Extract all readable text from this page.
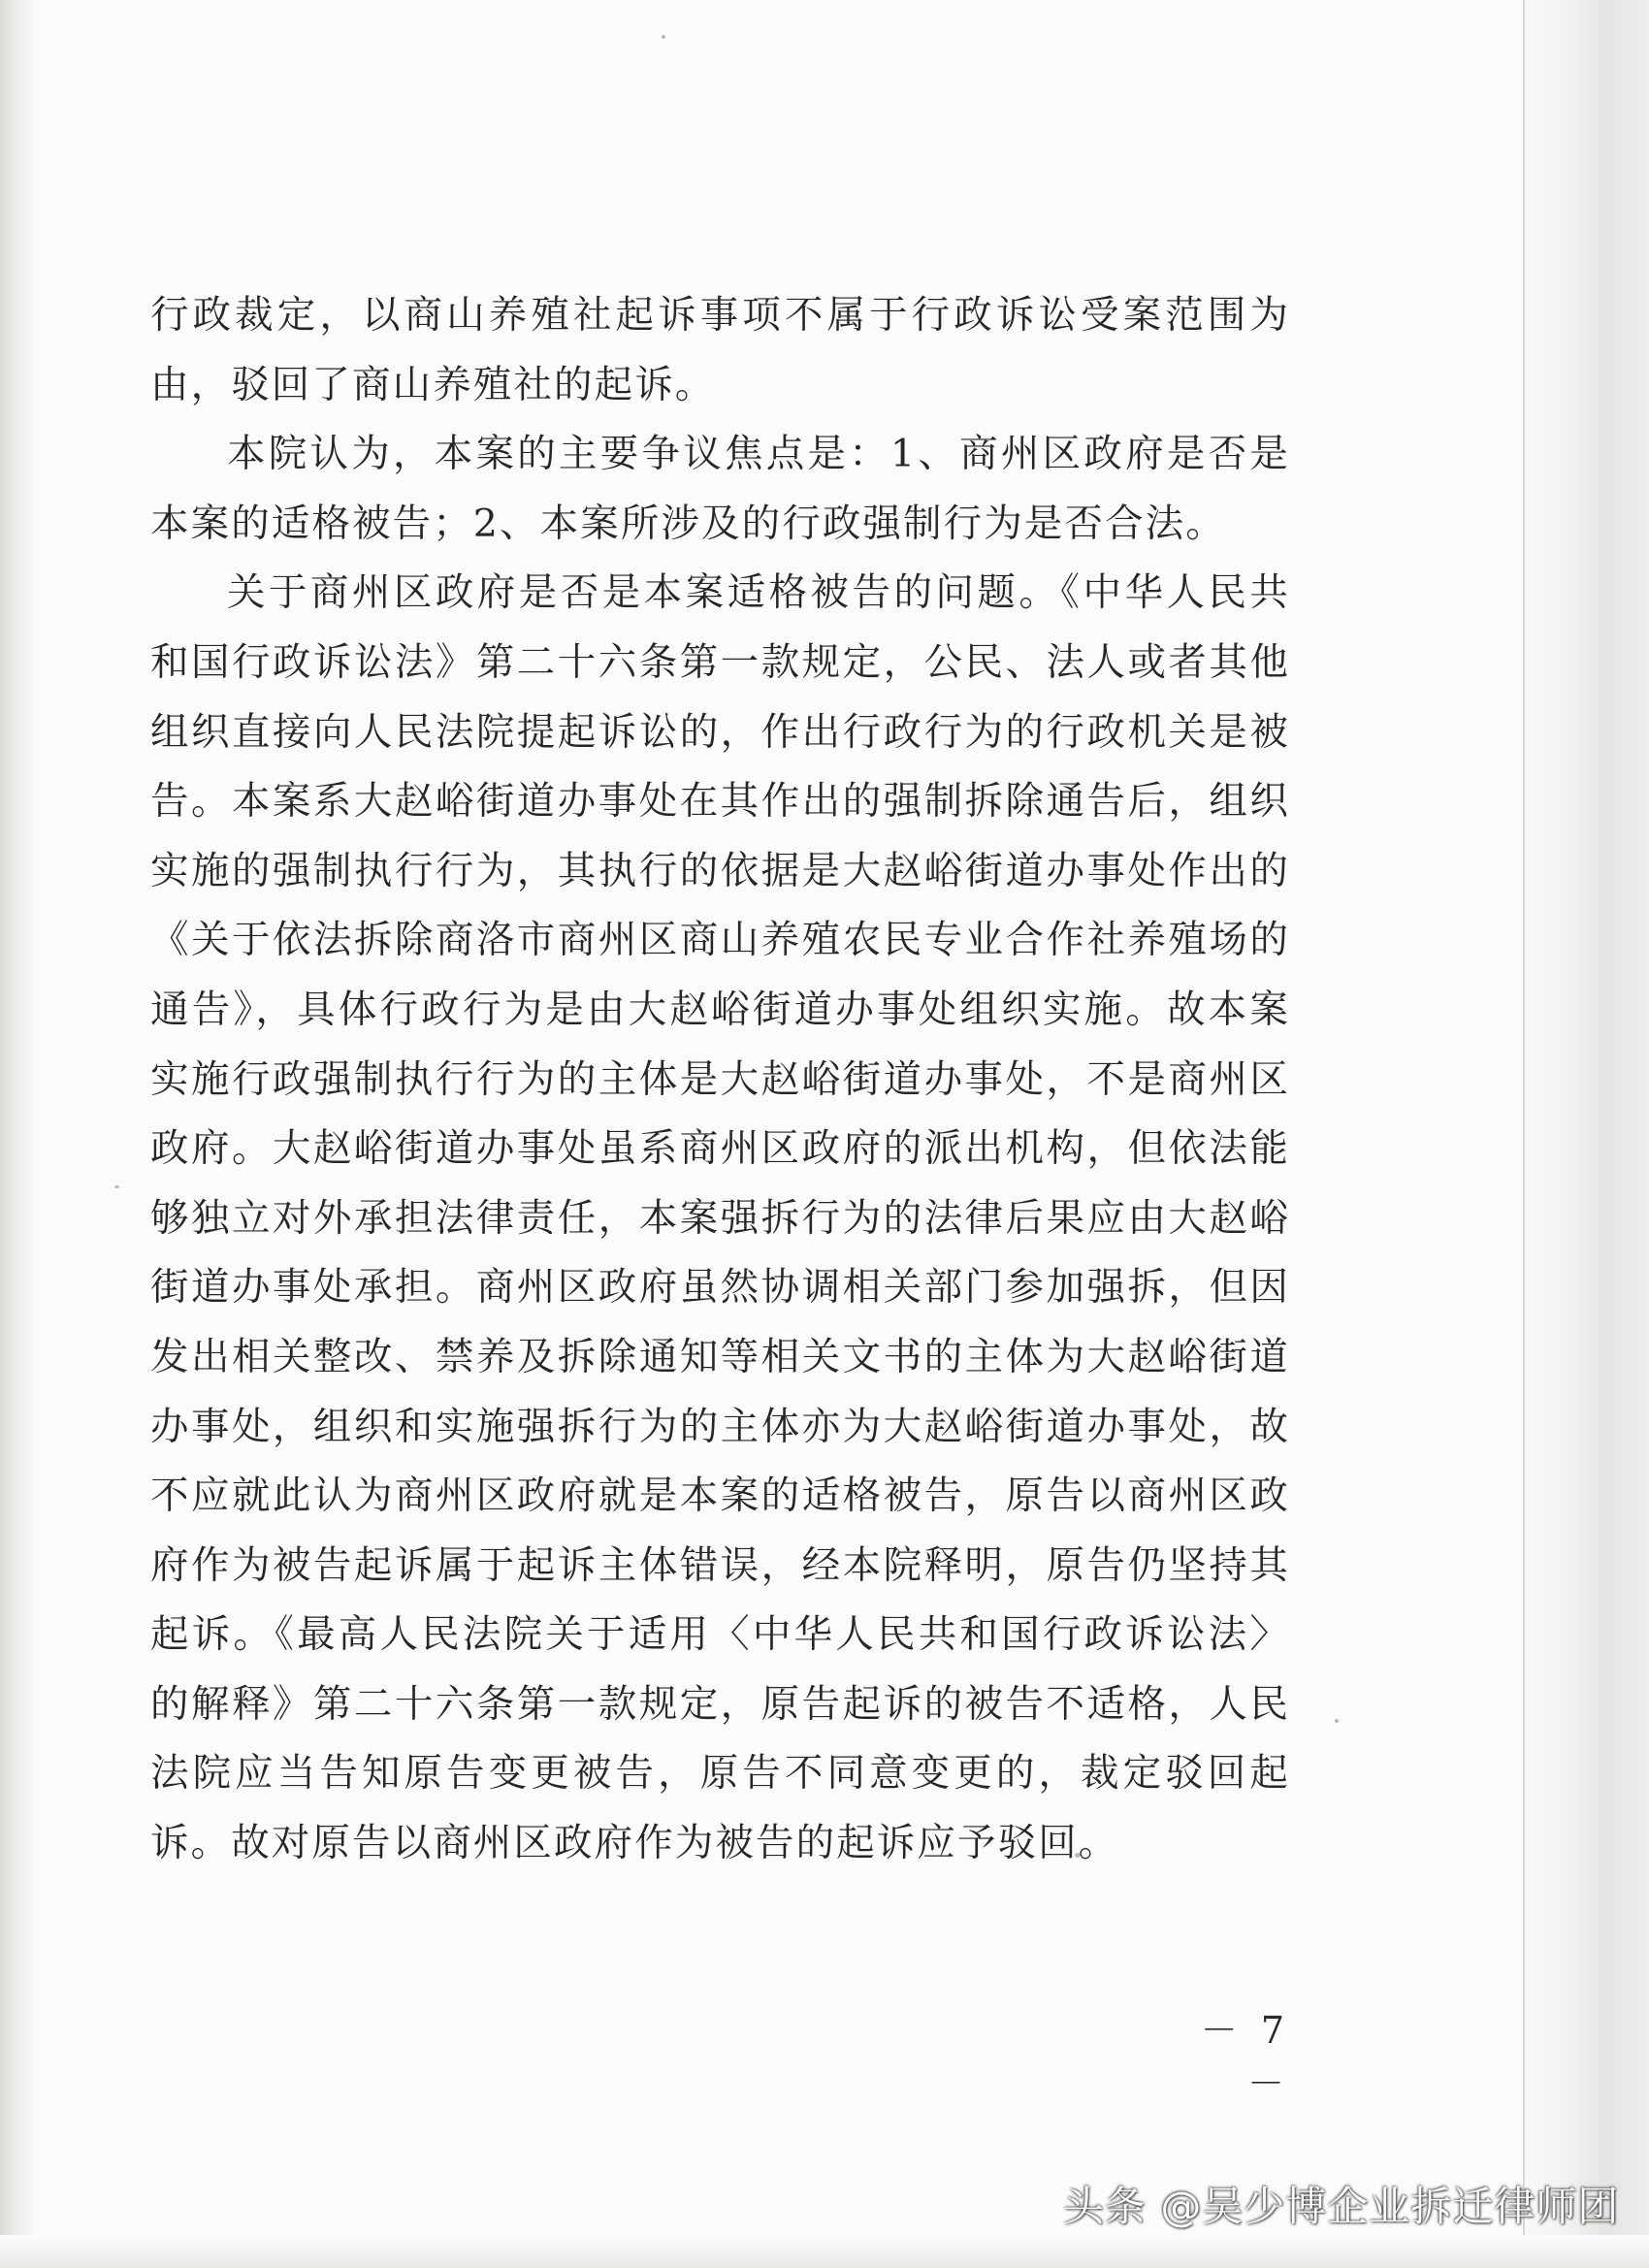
行政裁定，以商山养殖社起诉事项不属于行政诉讼受案范围为由，驳回了商山养殖社的起诉。

本院认为，本案的主要争议焦点是：1、商州区政府是否是本案的适格被告；2、本案所涉及的行政强制行为是否合法。

关于商州区政府是否是本案适格被告的问题。《中华人民共和国行政诉讼法》第二十六条第一款规定，公民、法人或者其他组织直接向人民法院提起诉讼的，作出行政行为的行政机关是被告。本案系大赵峪街道办事处在其作出的强制拆除通告后，组织实施的强制执行行为，其执行的依据是大赵峪街道办事处作出的《关于依法拆除商洛市商州区商山养殖农民专业合作社养殖场的通告》，具体行政行为是由大赵峪街道办事处组织实施。故本案实施行政强制执行行为的主体是大赵峪街道办事处，不是商州区政府。大赵峪街道办事处虽系商州区政府的派出机构，但依法能够独立对外承担法律责任，本案强拆行为的法律后果应由大赵峪街道办事处承担。商州区政府虽然协调相关部门参加强拆，但因发出相关整改、禁养及拆除通知等相关文书的主体为大赵峪街道办事处，组织和实施强拆行为的主体亦为大赵峪街道办事处，故不应就此认为商州区政府就是本案的适格被告，原告以商州区政府作为被告起诉属于起诉主体错误，经本院释明，原告仍坚持其起诉。《最高人民法院关于适用〈中华人民共和国行政诉讼法〉的解释》第二十六条第一款规定，原告起诉的被告不适格，人民法院应当告知原告变更被告，原告不同意变更的，裁定驳回起诉。故对原告以商州区政府作为被告的起诉应予驳回。

－ 7 －
头条 @吴少博企业拆迁律师团
